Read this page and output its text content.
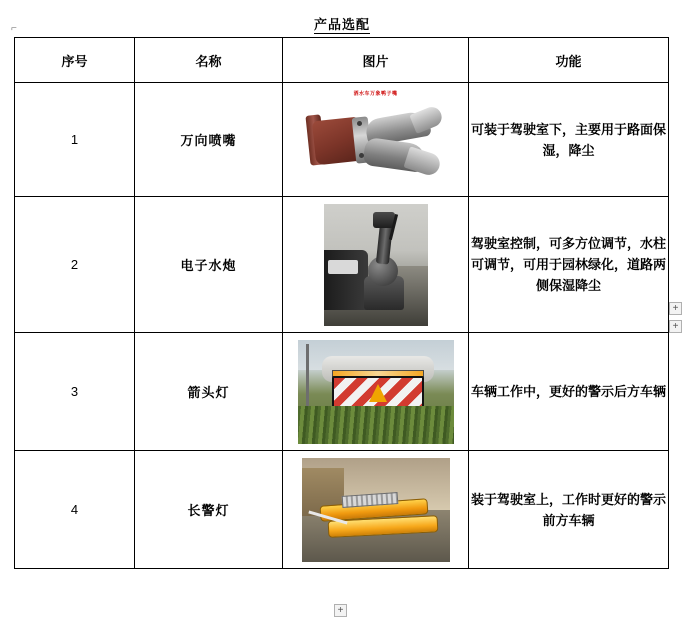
产品选配
⌐
+
+
+
序号	名称	图片	功能
1	万向喷嘴	洒水车万象鸭子嘴	可装于驾驶室下，主要用于路面保湿，降尘
2	电子水炮		驾驶室控制，可多方位调节，水柱可调节，可用于园林绿化，道路两侧保湿降尘
3	箭头灯		车辆工作中，更好的警示后方车辆
4	长警灯		装于驾驶室上，工作时更好的警示前方车辆
